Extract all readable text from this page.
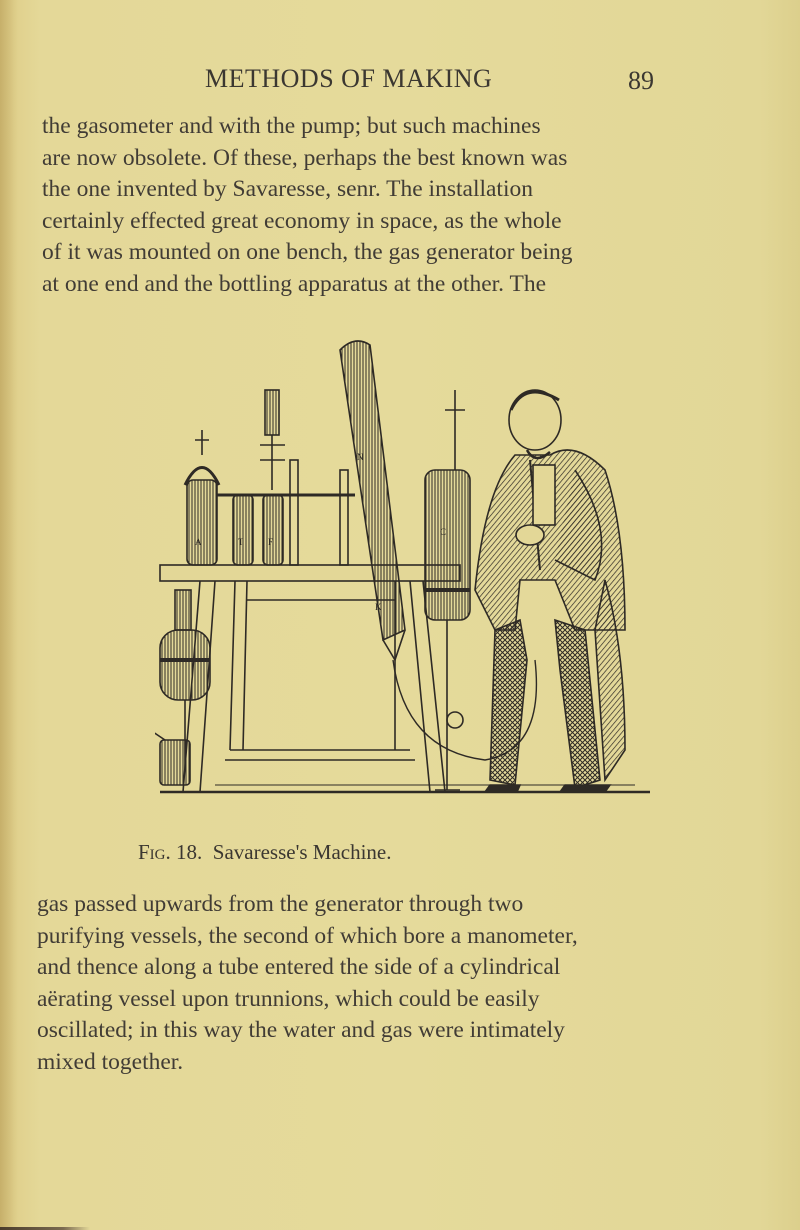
METHODS OF MAKING	89
the gasometer and with the pump; but such machines
are now obsolete. Of these, perhaps the best known was
the one invented by Savaresse, senr. The installation
certainly effected great economy in space, as the whole
of it was mounted on one bench, the gas generator being
at one end and the bottling apparatus at the other. The
A	T	F
N
K
C
Fig. 18. Savaresse's Machine.
gas passed upwards from the generator through two
purifying vessels, the second of which bore a manometer,
and thence along a tube entered the side of a cylindrical
aërating vessel upon trunnions, which could be easily
oscillated; in this way the water and gas were intimately
mixed together.
